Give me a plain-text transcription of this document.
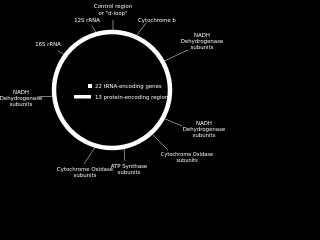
Control region
or "d-loop"
12S rRNA	Cytochrome b
16S rRNA
NADH
Dehydrogenase
subunits
NADH
Dehydrogenase
subunits
NADH
Dehydrogenase
subunits
Cytochrome Oxidase
subunits
ATP Synthase
subunits
Cytochrome Oxidase
subunits
22 tRNA-encoding genes
13 protein-encoding regions
